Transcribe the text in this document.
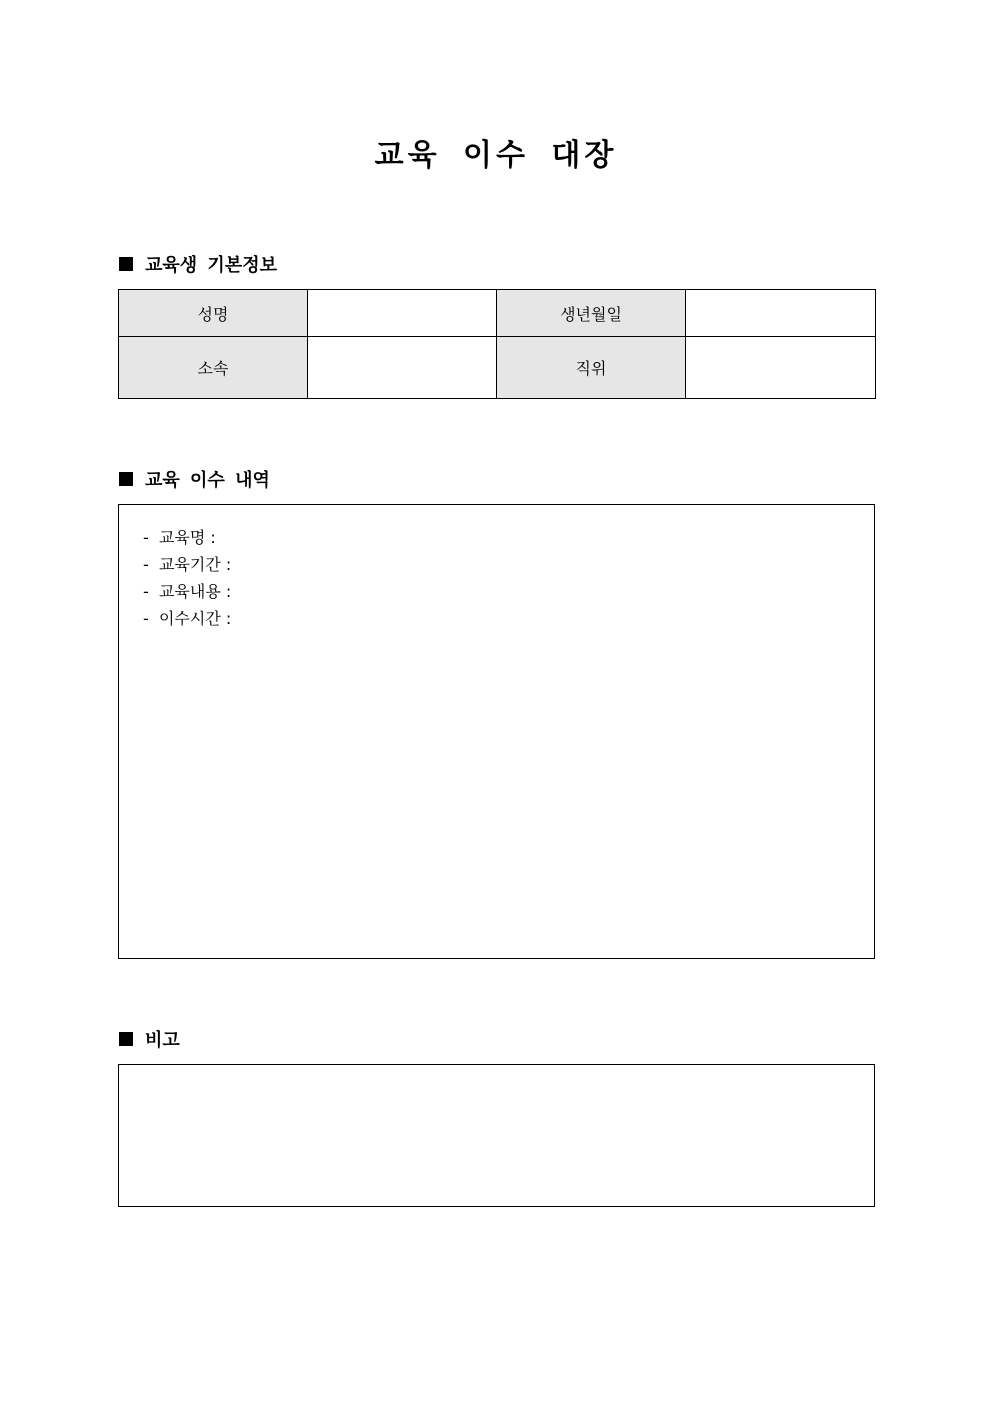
교육 이수 대장
교육생 기본정보
성명		생년월일	
소속		직위	
교육 이수 내역
-  교육명 :
-  교육기간 :
-  교육내용 :
-  이수시간 :
비고
